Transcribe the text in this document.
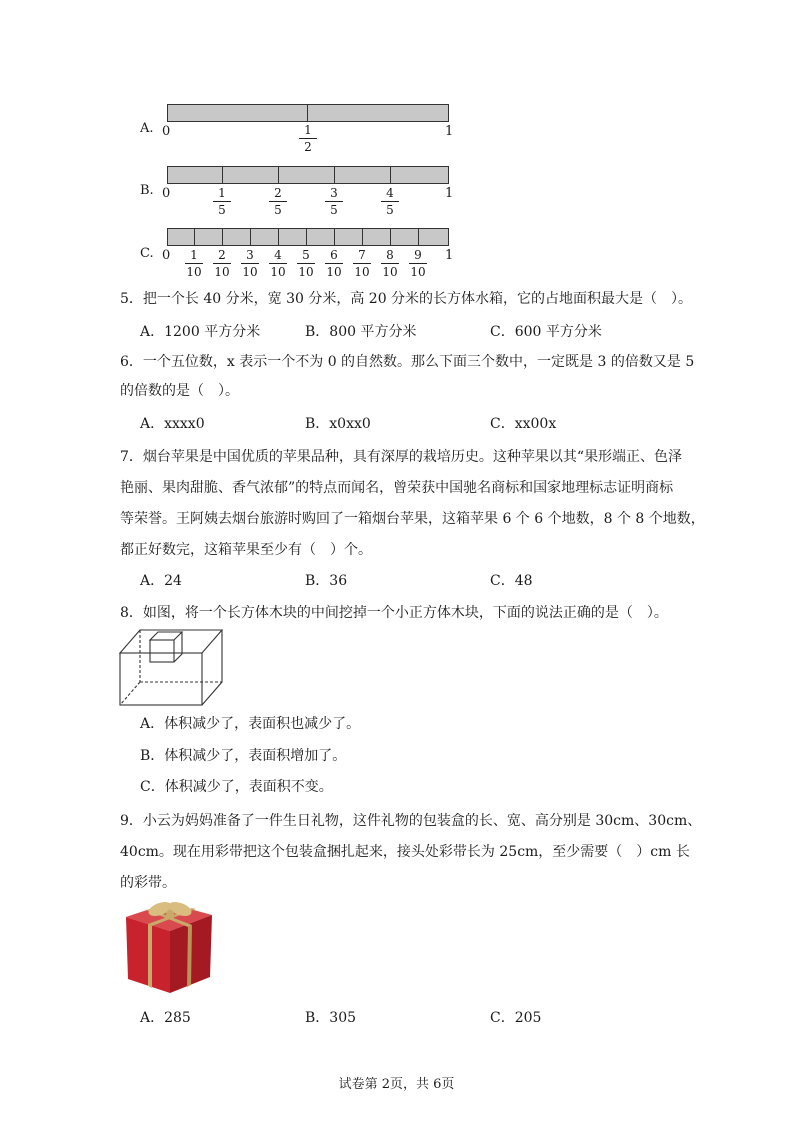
A. 0	1
1
2
B. 0	1
1
5
2
5
3
5
4
5
C. 0	1
1
10
2
10
3
10
4
10
5
10
6
10
7
10
8
10
9
10
5．把一个长 40 分米，宽 30 分米，高 20 分米的长方体水箱，它的占地面积最大是（　）。
A．1200 平方分米	B．800 平方分米	C．600 平方分米
6．一个五位数，x 表示一个不为 0 的自然数。那么下面三个数中，一定既是 3 的倍数又是 5
的倍数的是（　）。
A．xxxx0	B．x0xx0	C．xx00x
7．烟台苹果是中国优质的苹果品种，具有深厚的栽培历史。这种苹果以其“果形端正、色泽
艳丽、果肉甜脆、香气浓郁”的特点而闻名，曾荣获中国驰名商标和国家地理标志证明商标
等荣誉。王阿姨去烟台旅游时购回了一箱烟台苹果，这箱苹果 6 个 6 个地数，8 个 8 个地数，
都正好数完，这箱苹果至少有（　）个。
A．24	B．36	C．48
8．如图，将一个长方体木块的中间挖掉一个小正方体木块，下面的说法正确的是（　）。
A．体积减少了，表面积也减少了。
B．体积减少了，表面积增加了。
C．体积减少了，表面积不变。
9．小云为妈妈准备了一件生日礼物，这件礼物的包装盒的长、宽、高分别是 30cm、30cm、
40cm。现在用彩带把这个包装盒捆扎起来，接头处彩带长为 25cm，至少需要（　）cm 长
的彩带。
A．285	B．305	C．205
试卷第 2页，共 6页
